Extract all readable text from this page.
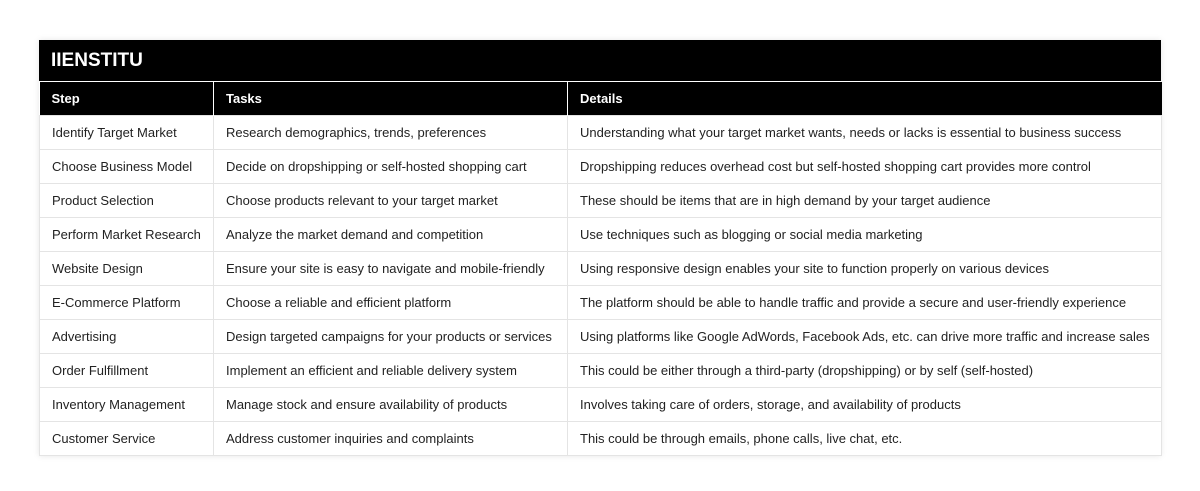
IIENSTITU
Step	Tasks	Details
Identify Target Market	Research demographics, trends, preferences	Understanding what your target market wants, needs or lacks is essential to business success
Choose Business Model	Decide on dropshipping or self-hosted shopping cart	Dropshipping reduces overhead cost but self-hosted shopping cart provides more control
Product Selection	Choose products relevant to your target market	These should be items that are in high demand by your target audience
Perform Market Research	Analyze the market demand and competition	Use techniques such as blogging or social media marketing
Website Design	Ensure your site is easy to navigate and mobile-friendly	Using responsive design enables your site to function properly on various devices
E-Commerce Platform	Choose a reliable and efficient platform	The platform should be able to handle traffic and provide a secure and user-friendly experience
Advertising	Design targeted campaigns for your products or services	Using platforms like Google AdWords, Facebook Ads, etc. can drive more traffic and increase sales
Order Fulfillment	Implement an efficient and reliable delivery system	This could be either through a third-party (dropshipping) or by self (self-hosted)
Inventory Management	Manage stock and ensure availability of products	Involves taking care of orders, storage, and availability of products
Customer Service	Address customer inquiries and complaints	This could be through emails, phone calls, live chat, etc.
